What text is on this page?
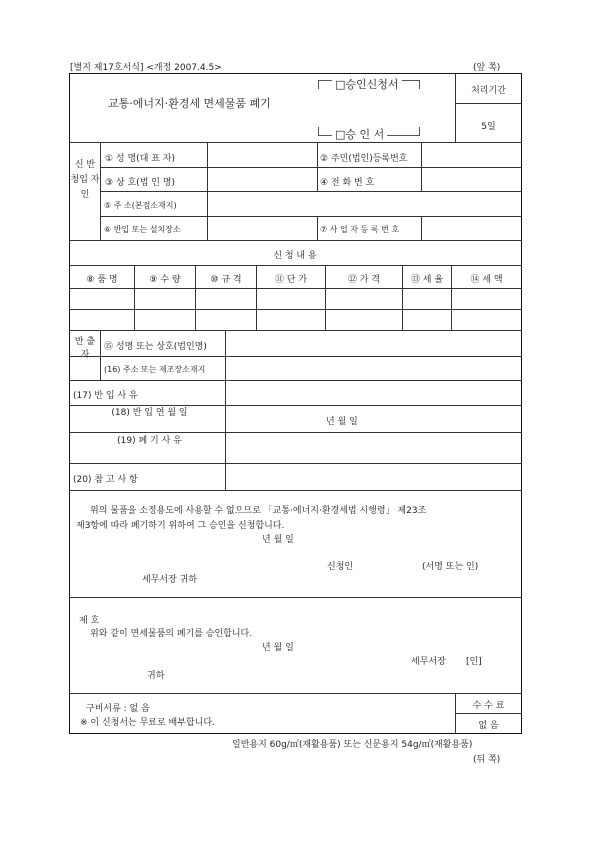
[별지 제17호서식] <개정 2007.4.5>	(앞 쪽)
교통·에너지·환경세 면세물품 폐기
□승인신청서
□승 인 서
처리기간
5일
신 반 청입 자 인
① 성 명(대 표 자)	② 주민(법인)등록번호
③ 상 호(법 인 명)	④ 전 화 번 호
⑤ 주 소(본점소재지)
⑥ 반입 또는 설치장소	⑦ 사 업 자 등 록 번 호
신 청 내 용
⑧ 품 명	⑨ 수 량	⑩ 규 격	⑪ 단 가	⑫ 가 격	⑬ 세 율	⑭ 세 액
반 출 자
⑮ 성명 또는 상호(법인명)
(16) 주소 또는 제조장소재지
(17) 반 입 사 유
(18) 반 입 연 월 일
년 월 일
(19) 폐 기 사 유
(20) 참 고 사 항
위의 물품을 소정용도에 사용할 수 없으므로 「교통·에너지·환경세법 시행령」 제23조
제3항에 따라 폐기하기 위하여 그 승인을 신청합니다.
년 월 일
신청인	(서명 또는 인)
세무서장 귀하
제 호
위와 같이 면세물품의 폐기를 승인합니다.
년 월 일
세무서장 [인]
귀하
구비서류 : 없 음
※ 이 신청서는 무료로 배부합니다.
수 수 료
없 음
일반용지 60g/㎡(재활용품) 또는 신문용지 54g/㎡(재활용품)
(뒤 쪽)
